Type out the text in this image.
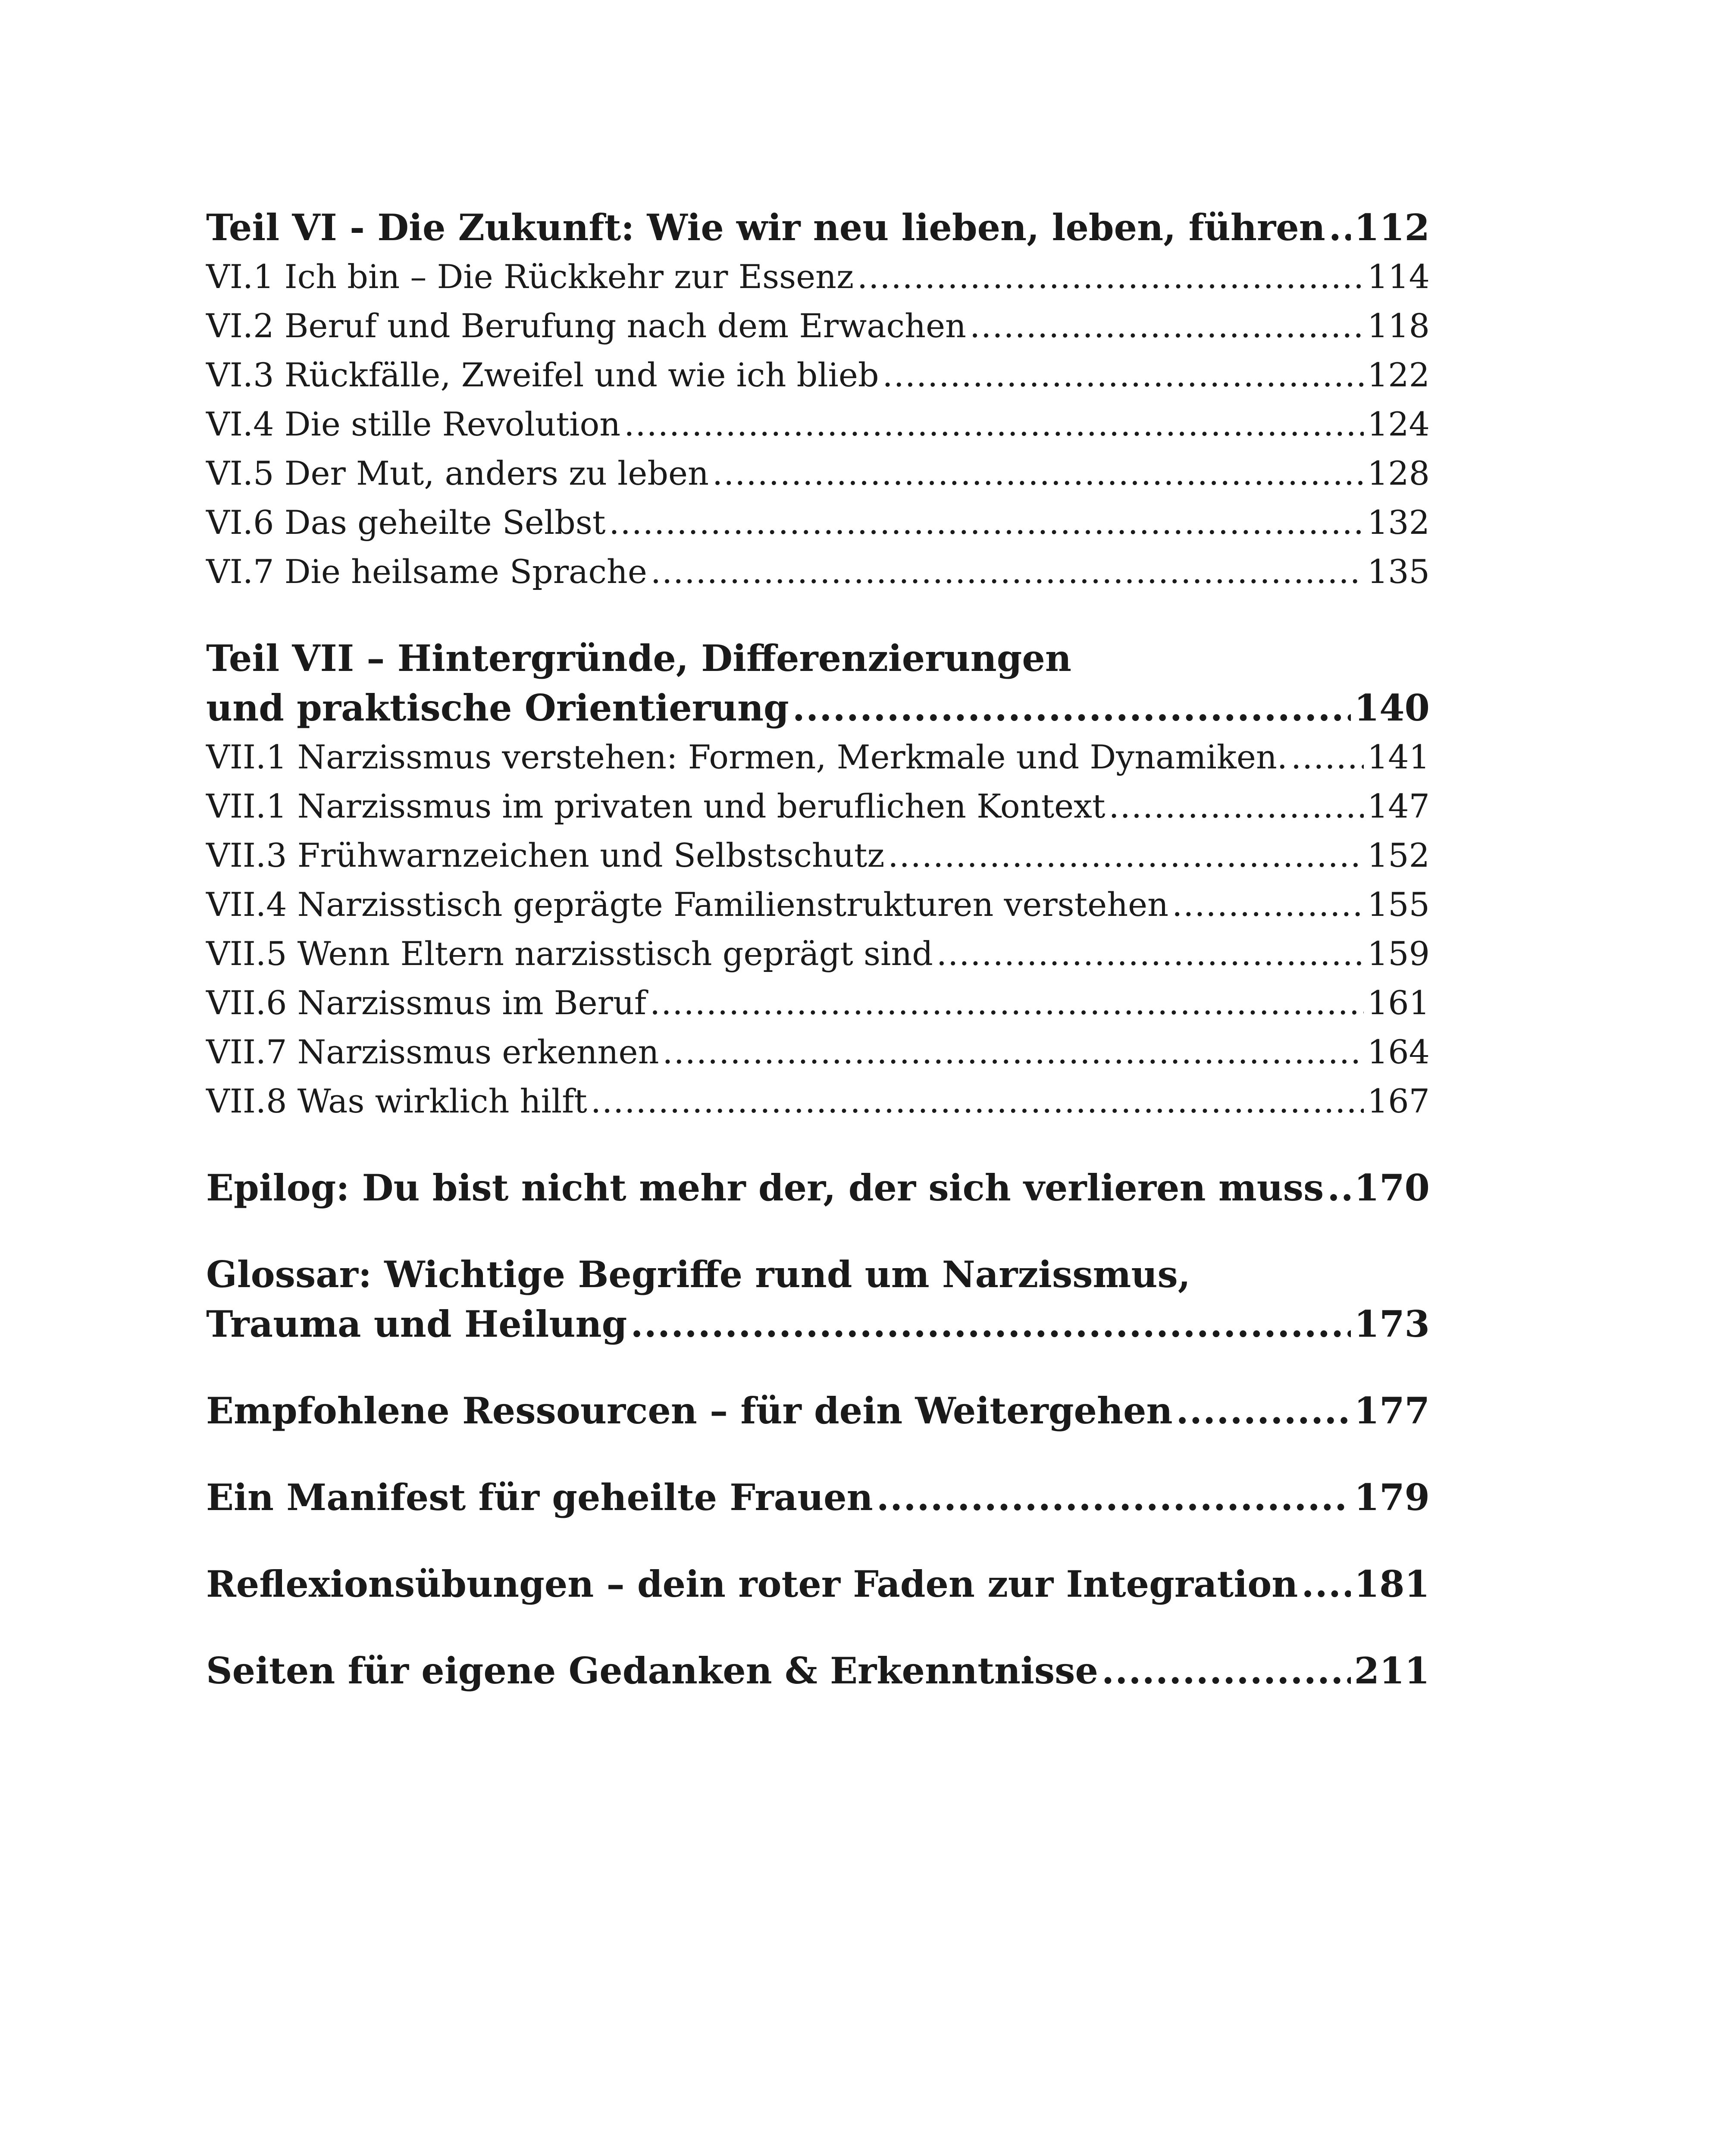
Teil VI - Die Zukunft: Wie wir neu lieben, leben, führen ..... 112
VI.1 Ich bin – Die Rückkehr zur Essenz .....	114
VI.2 Beruf und Berufung nach dem Erwachen .....	118
VI.3 Rückfälle, Zweifel und wie ich blieb .....	122
VI.4 Die stille Revolution .....	124
VI.5 Der Mut, anders zu leben .....	128
VI.6 Das geheilte Selbst .....	132
VI.7 Die heilsame Sprache .....	135
Teil VII – Hintergründe, Differenzierungen
und praktische Orientierung .....	140
VII.1 Narzissmus verstehen: Formen, Merkmale und Dynamiken. ..... 141
VII.1 Narzissmus im privaten und beruflichen Kontext .....	147
VII.3 Frühwarnzeichen und Selbstschutz .....	152
VII.4 Narzisstisch geprägte Familienstrukturen verstehen .....	155
VII.5 Wenn Eltern narzisstisch geprägt sind .....	159
VII.6 Narzissmus im Beruf .....	161
VII.7 Narzissmus erkennen .....	164
VII.8 Was wirklich hilft .....	167
Epilog: Du bist nicht mehr der, der sich verlieren muss ..... 170
Glossar: Wichtige Begriffe rund um Narzissmus,
Trauma und Heilung .....	173
Empfohlene Ressourcen – für dein Weitergehen .....	177
Ein Manifest für geheilte Frauen .....	179
Reflexionsübungen – dein roter Faden zur Integration ..... 181
Seiten für eigene Gedanken & Erkenntnisse .....	211
